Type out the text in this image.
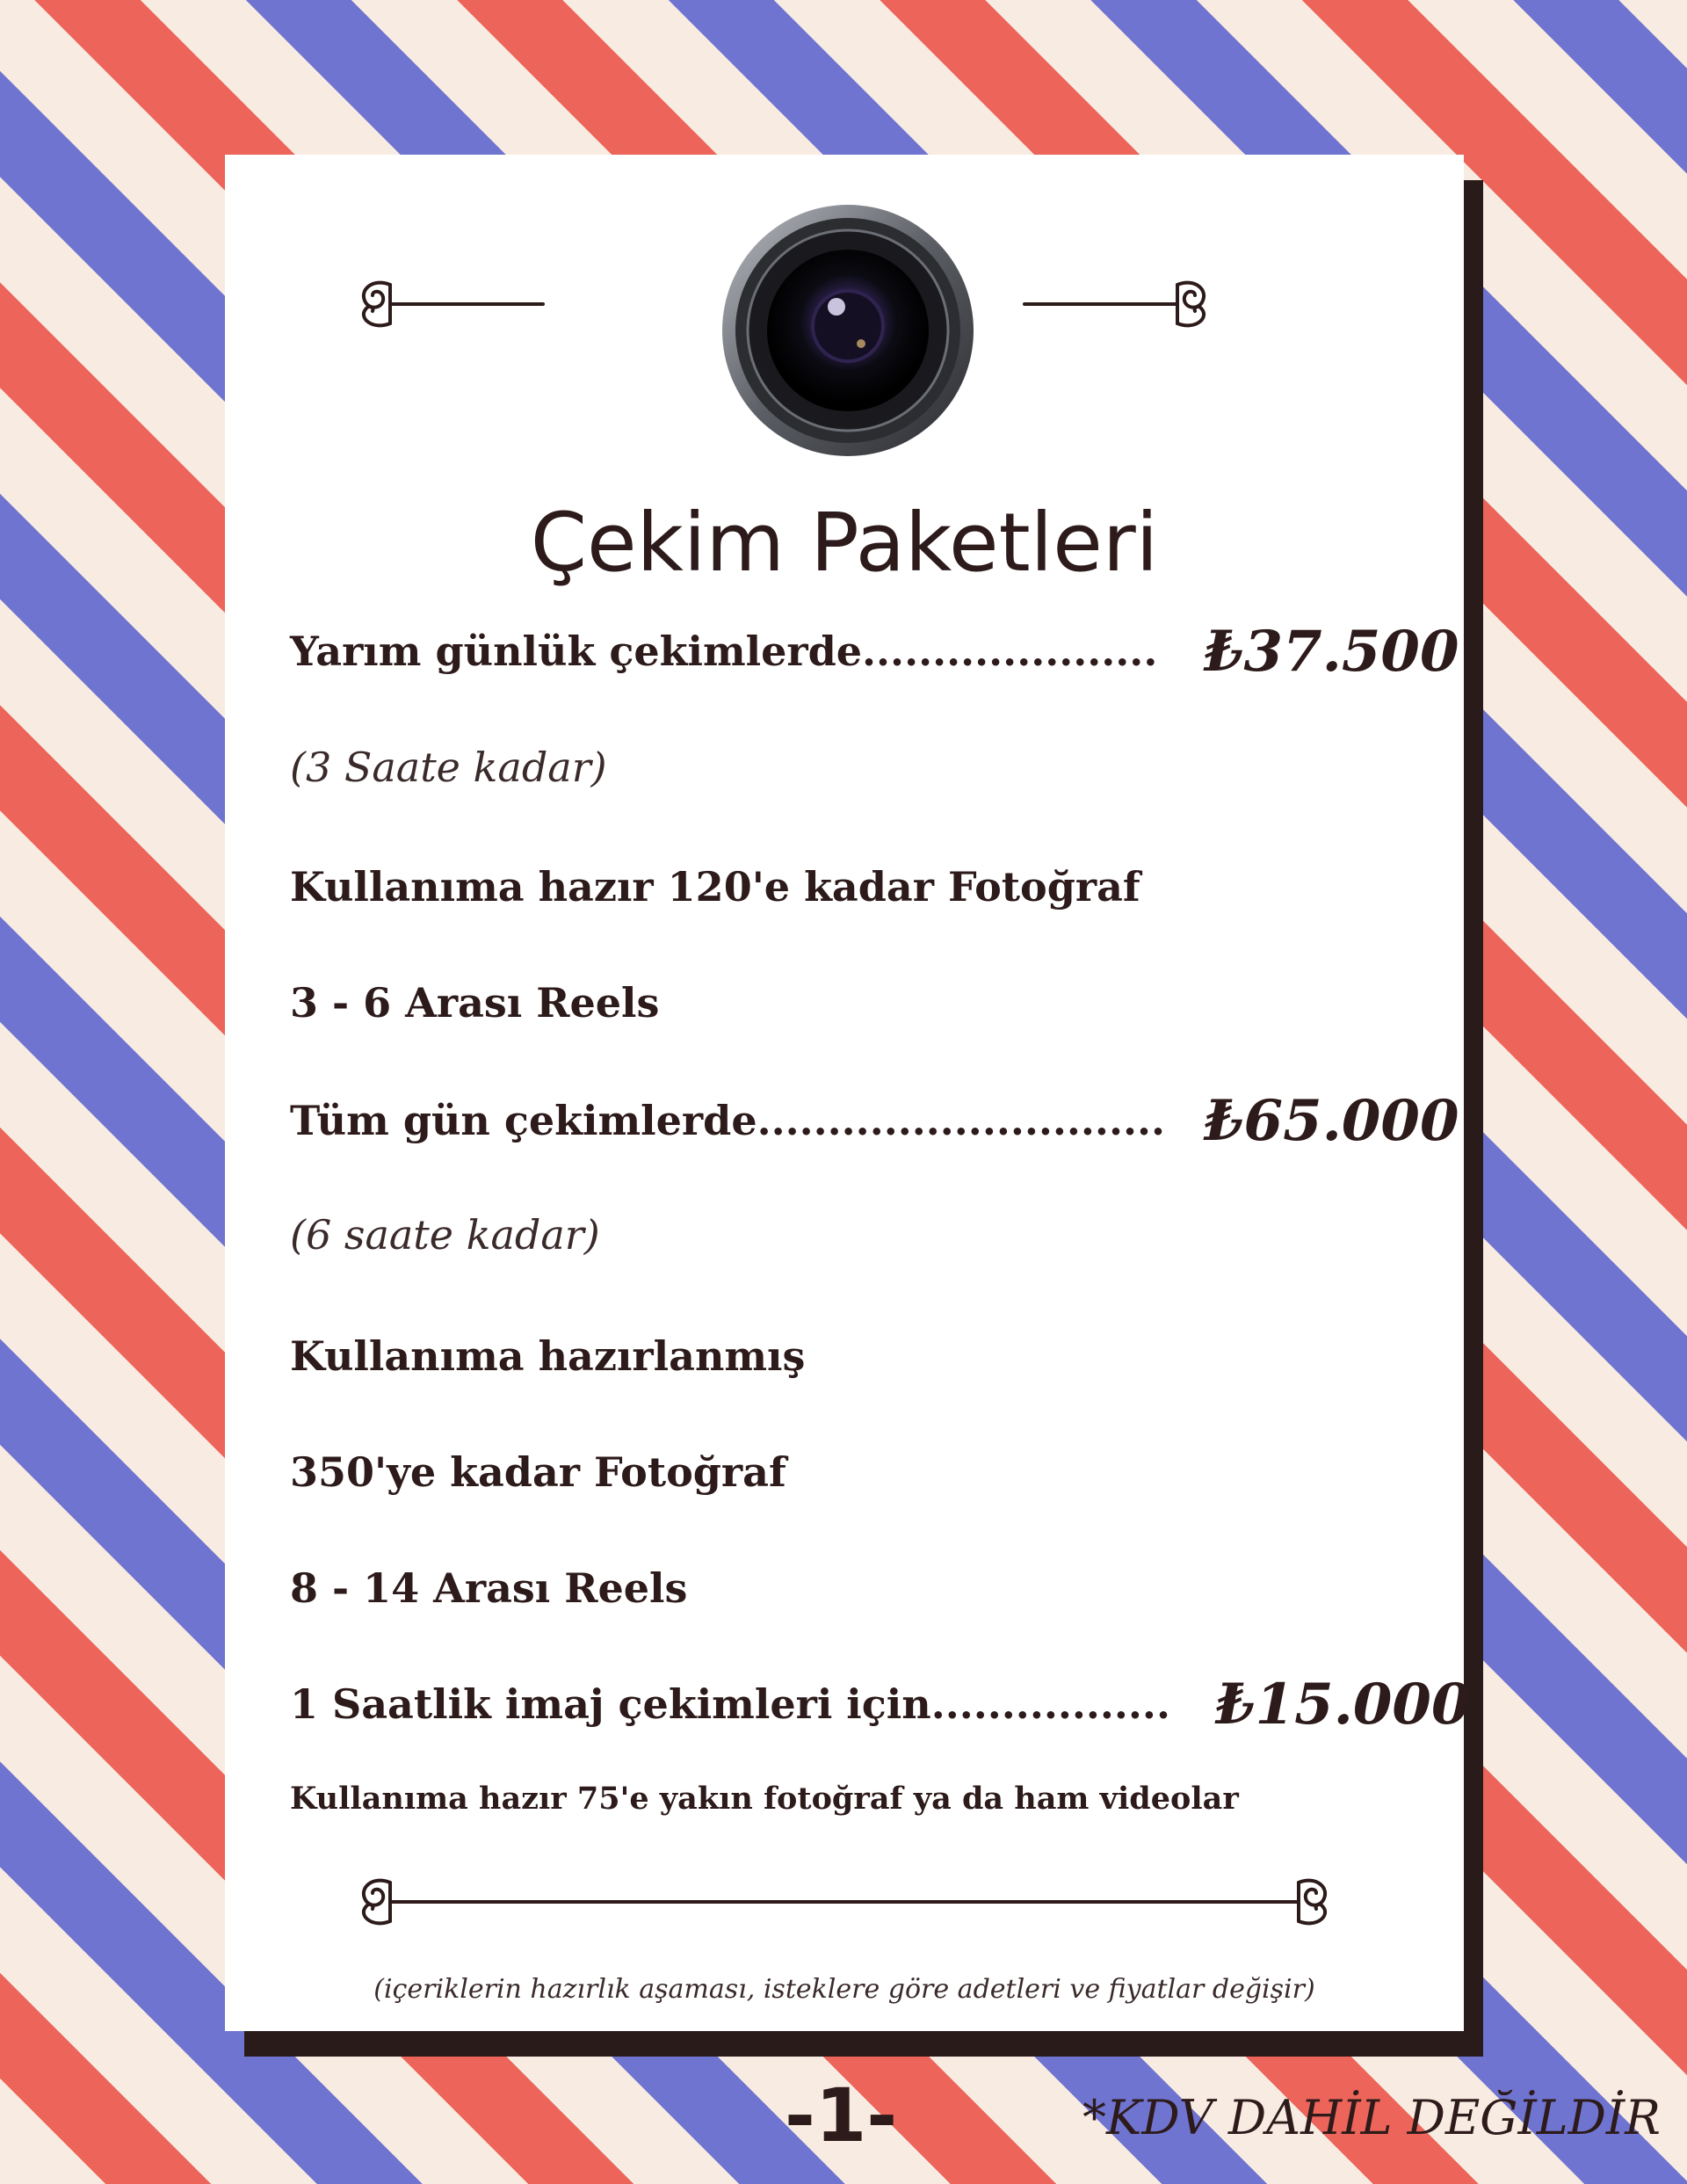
Çekim Paketleri
Yarım günlük çekimlerde..................... ₺37.500
(3 Saate kadar)
Kullanıma hazır 120'e kadar Fotoğraf
3 - 6 Arası Reels
Tüm gün çekimlerde............................. ₺65.000
(6 saate kadar)
Kullanıma hazırlanmış
350'ye kadar Fotoğraf
8 - 14 Arası Reels
1 Saatlik imaj çekimleri için................. ₺15.000
Kullanıma hazır 75'e yakın fotoğraf ya da ham videolar
(içeriklerin hazırlık aşaması, isteklere göre adetleri ve fiyatlar değişir)
-1-	*KDV DAHİL DEĞİLDİR
